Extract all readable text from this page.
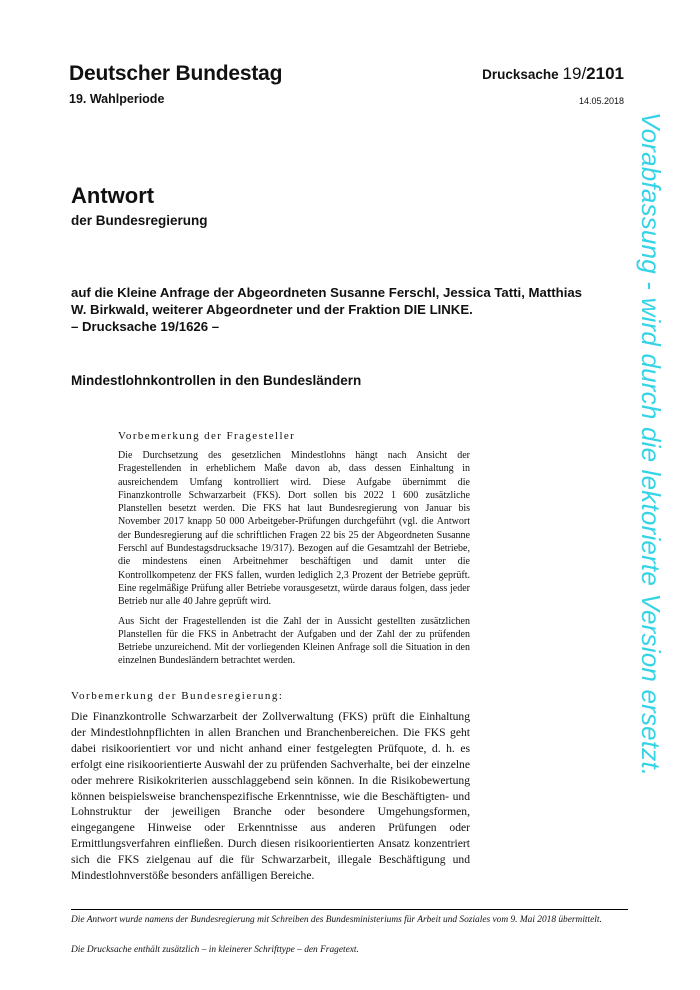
Deutscher Bundestag
19. Wahlperiode
Drucksache 19/2101
14.05.2018
Antwort
der Bundesregierung
auf die Kleine Anfrage der Abgeordneten Susanne Ferschl, Jessica Tatti, Matthias
W. Birkwald, weiterer Abgeordneter und der Fraktion DIE LINKE.
– Drucksache 19/1626 –
Mindestlohnkontrollen in den Bundesländern
Vorbemerkung der Fragesteller

Die Durchsetzung des gesetzlichen Mindestlohns hängt nach Ansicht der Fragestellenden in erheblichem Maße davon ab, dass dessen Einhaltung in ausreichendem Umfang kontrolliert wird. Diese Aufgabe übernimmt die Finanzkontrolle Schwarzarbeit (FKS). Dort sollen bis 2022 1 600 zusätzliche Planstellen besetzt werden. Die FKS hat laut Bundesregierung von Januar bis November 2017 knapp 50 000 Arbeitgeber-Prüfungen durchgeführt (vgl. die Antwort der Bundesregierung auf die schriftlichen Fragen 22 bis 25 der Abgeordneten Susanne Ferschl auf Bundestagsdrucksache 19/317). Bezogen auf die Gesamtzahl der Betriebe, die mindestens einen Arbeitnehmer beschäftigen und damit unter die Kontrollkompetenz der FKS fallen, wurden lediglich 2,3 Prozent der Betriebe geprüft. Eine regelmäßige Prüfung aller Betriebe vorausgesetzt, würde daraus folgen, dass jeder Betrieb nur alle 40 Jahre geprüft wird.

Aus Sicht der Fragestellenden ist die Zahl der in Aussicht gestellten zusätzlichen Planstellen für die FKS in Anbetracht der Aufgaben und der Zahl der zu prüfenden Betriebe unzureichend. Mit der vorliegenden Kleinen Anfrage soll die Situation in den einzelnen Bundesländern betrachtet werden.

Vorbemerkung der Bundesregierung:

Die Finanzkontrolle Schwarzarbeit der Zollverwaltung (FKS) prüft die Einhaltung der Mindestlohnpflichten in allen Branchen und Branchenbereichen. Die FKS geht dabei risikoorientiert vor und nicht anhand einer festgelegten Prüfquote, d. h. es erfolgt eine risikoorientierte Auswahl der zu prüfenden Sachverhalte, bei der einzelne oder mehrere Risikokriterien ausschlaggebend sein können. In die Risikobewertung können beispielsweise branchenspezifische Erkenntnisse, wie die Beschäftigten- und Lohnstruktur der jeweiligen Branche oder besondere Umgehungsformen, eingegangene Hinweise oder Erkenntnisse aus anderen Prüfungen oder Ermittlungsverfahren einfließen. Durch diesen risikoorientierten Ansatz konzentriert sich die FKS zielgenau auf die für Schwarzarbeit, illegale Beschäftigung und Mindestlohnverstöße besonders anfälligen Bereiche.

Die Antwort wurde namens der Bundesregierung mit Schreiben des Bundesministeriums für Arbeit und Soziales vom 9. Mai 2018 übermittelt.
Die Drucksache enthält zusätzlich – in kleinerer Schrifttype – den Fragetext.
Vorabfassung - wird durch die lektorierte Version ersetzt.
